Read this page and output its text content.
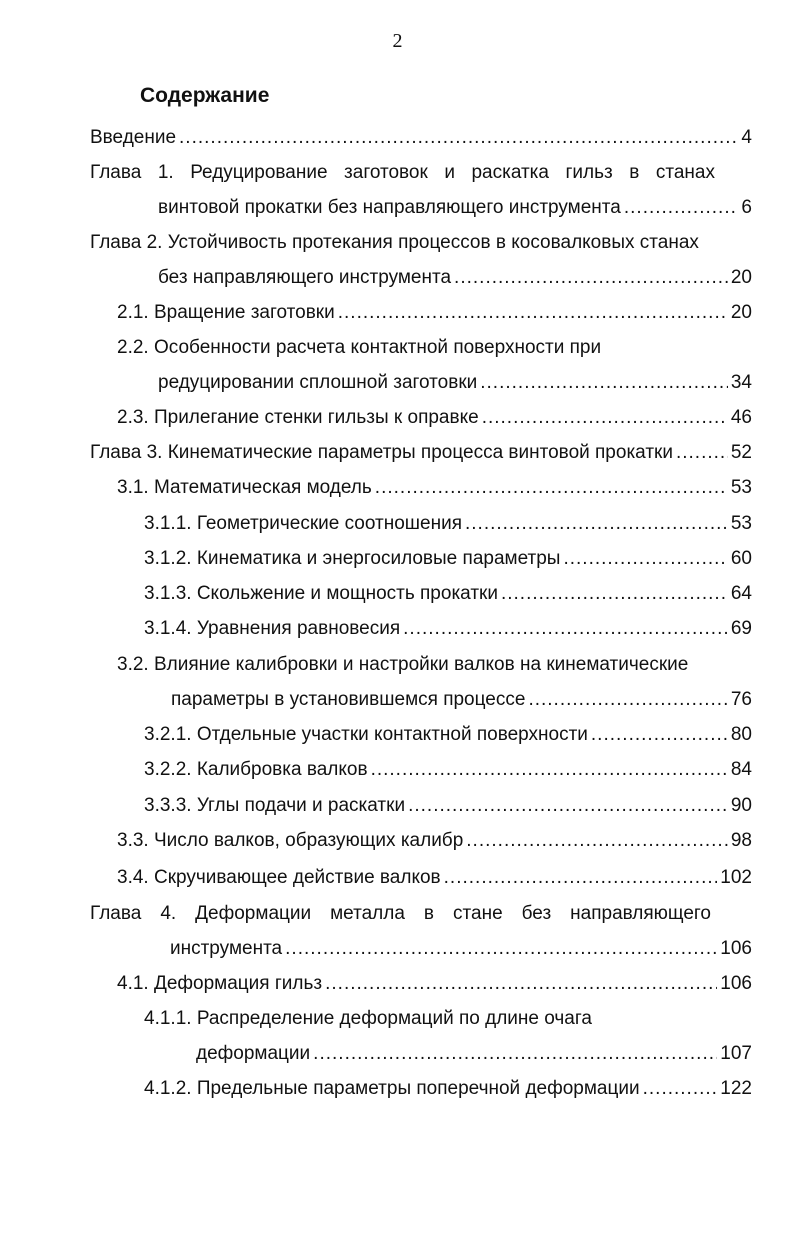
2
Содержание
Введение .....	4
Глава 1. Редуцирование заготовок и раскатка гильз в станах
винтовой прокатки без направляющего инструмента .....	6
Глава 2. Устойчивость протекания процессов в косовалковых станах
без направляющего инструмента .....	20
2.1. Вращение заготовки .....	20
2.2. Особенности расчета контактной поверхности при
редуцировании сплошной заготовки .....	34
2.3. Прилегание стенки гильзы к оправке .....	46
Глава 3. Кинематические параметры процесса винтовой прокатки .....	52
3.1. Математическая модель .....	53
3.1.1. Геометрические соотношения .....	53
3.1.2. Кинематика и энергосиловые параметры .....	60
3.1.3. Скольжение и мощность прокатки .....	64
3.1.4. Уравнения равновесия .....	69
3.2. Влияние калибровки и настройки валков на кинематические
параметры в установившемся процессе .....	76
3.2.1. Отдельные участки контактной поверхности .....	80
3.2.2. Калибровка валков .....	84
3.3.3. Углы подачи и раскатки .....	90
3.3. Число валков, образующих калибр .....	98
3.4. Скручивающее действие валков .....	102
Глава 4. Деформации металла в стане без направляющего
инструмента .....	106
4.1. Деформация гильз .....	106
4.1.1. Распределение деформаций по длине очага
деформации .....	107
4.1.2. Предельные параметры поперечной деформации .....	122
